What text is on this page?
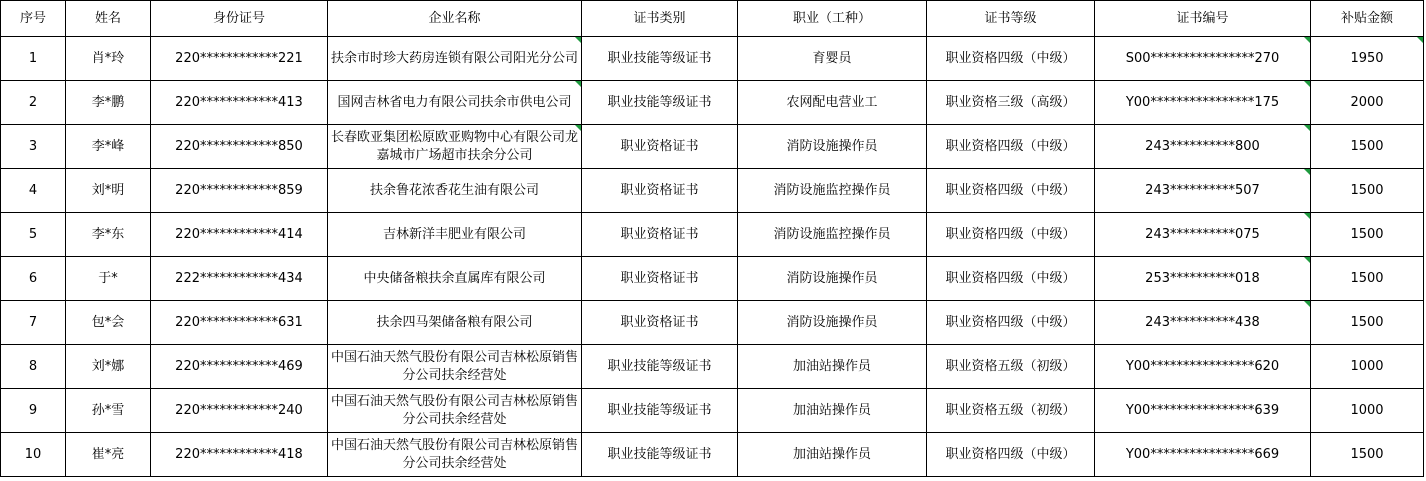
序号	姓名	身份证号	企业名称	证书类别	职业（工种）	证书等级	证书编号	补贴金额
1	肖*玲	220************221	扶余市时珍大药房连锁有限公司阳光分公司	职业技能等级证书	育婴员	职业资格四级（中级）	S00****************270	1950
2	李*鹏	220************413	国网吉林省电力有限公司扶余市供电公司	职业技能等级证书	农网配电营业工	职业资格三级（高级）	Y00****************175	2000
3	李*峰	220************850	长春欧亚集团松原欧亚购物中心有限公司龙嘉城市广场超市扶余分公司	职业资格证书	消防设施操作员	职业资格四级（中级）	243**********800	1500
4	刘*明	220************859	扶余鲁花浓香花生油有限公司	职业资格证书	消防设施监控操作员	职业资格四级（中级）	243**********507	1500
5	李*东	220************414	吉林新洋丰肥业有限公司	职业资格证书	消防设施监控操作员	职业资格四级（中级）	243**********075	1500
6	于*	222************434	中央储备粮扶余直属库有限公司	职业资格证书	消防设施操作员	职业资格四级（中级）	253**********018	1500
7	包*会	220************631	扶余四马架储备粮有限公司	职业资格证书	消防设施操作员	职业资格四级（中级）	243**********438	1500
8	刘*娜	220************469	中国石油天然气股份有限公司吉林松原销售分公司扶余经营处	职业技能等级证书	加油站操作员	职业资格五级（初级）	Y00****************620	1000
9	孙*雪	220************240	中国石油天然气股份有限公司吉林松原销售分公司扶余经营处	职业技能等级证书	加油站操作员	职业资格五级（初级）	Y00****************639	1000
10	崔*亮	220************418	中国石油天然气股份有限公司吉林松原销售分公司扶余经营处	职业技能等级证书	加油站操作员	职业资格四级（中级）	Y00****************669	1500
